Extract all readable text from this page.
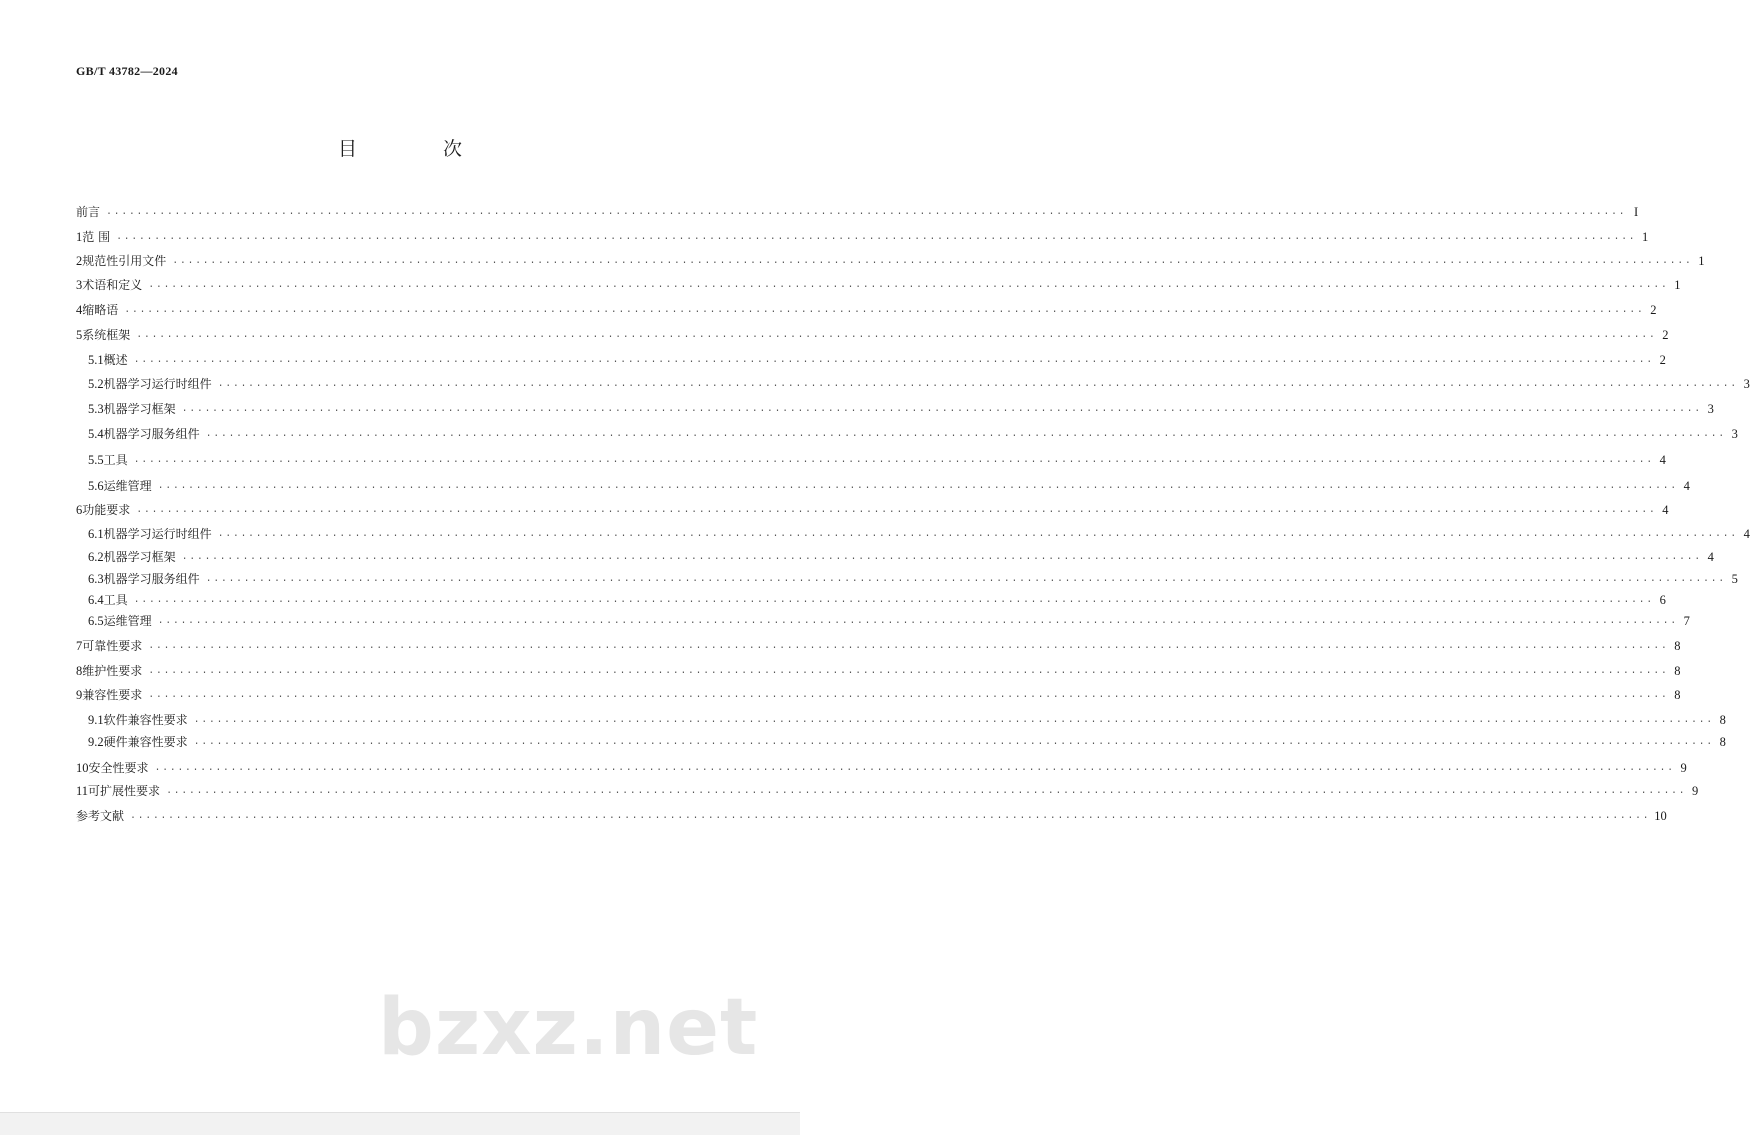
GB/T 43782—2024
目 次
前言 ........................................................................................................................................................................................................ I
1 范 围 ........................................................................................................................................................................................................ 1
2 规范性引用文件 ........................................................................................................................................................................................................ 1
3 术语和定义 ........................................................................................................................................................................................................ 1
4 缩略语 ........................................................................................................................................................................................................ 2
5 系统框架 ........................................................................................................................................................................................................ 2
5.1 概述 ........................................................................................................................................................................................................ 2
5.2 机器学习运行时组件 ........................................................................................................................................................................................................ 3
5.3 机器学习框架 ........................................................................................................................................................................................................ 3
5.4 机器学习服务组件 ........................................................................................................................................................................................................ 3
5.5 工具 ........................................................................................................................................................................................................ 4
5.6 运维管理 ........................................................................................................................................................................................................ 4
6 功能要求 ........................................................................................................................................................................................................ 4
6.1 机器学习运行时组件 ........................................................................................................................................................................................................ 4
6.2 机器学习框架 ........................................................................................................................................................................................................ 4
6.3 机器学习服务组件 ........................................................................................................................................................................................................ 5
6.4 工具 ........................................................................................................................................................................................................ 6
6.5 运维管理 ........................................................................................................................................................................................................ 7
7 可靠性要求 ........................................................................................................................................................................................................ 8
8 维护性要求 ........................................................................................................................................................................................................ 8
9 兼容性要求 ........................................................................................................................................................................................................ 8
9.1 软件兼容性要求 ........................................................................................................................................................................................................ 8
9.2 硬件兼容性要求 ........................................................................................................................................................................................................ 8
10 安全性要求 ........................................................................................................................................................................................................ 9
11 可扩展性要求 ........................................................................................................................................................................................................ 9
参考文献 ........................................................................................................................................................................................................ 10
bzxz.net
